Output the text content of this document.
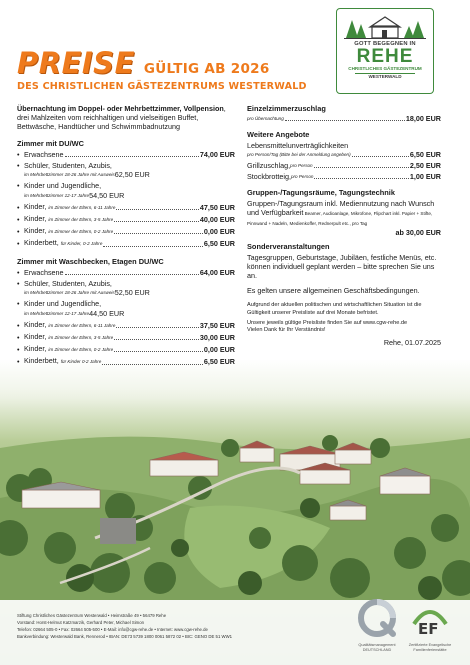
PREISE GÜLTIG AB 2026
DES CHRISTLICHEN GÄSTEZENTRUMS WESTERWALD
GOTT BEGEGNEN IN
REHE
CHRISTLICHES GÄSTEZENTRUM
WESTERWALD
Übernachtung im Doppel- oder Mehrbettzimmer, Vollpension, drei Mahlzeiten vom reichhaltigen und vielseitigen Buffet, Bettwäsche, Handtücher und Schwimmbadnutzung
Zimmer mit DU/WC
• Erwachsene	74,00 EUR
• Schüler, Studenten, Azubis,
im Mehrbettzimmer 18-26 Jahre mit Ausweis 62,50 EUR
• Kinder und Jugendliche,
im Mehrbettzimmer 12-17 Jahre 54,50 EUR
• Kinder, im Zimmer der Eltern, 6-11 Jahre	47,50 EUR
• Kinder, im Zimmer der Eltern, 3-5 Jahre	40,00 EUR
• Kinder, im Zimmer der Eltern, 0-2 Jahre	0,00 EUR
• Kinderbett, für Kinder, 0-2 Jahre	6,50 EUR
Zimmer mit Waschbecken, Etagen DU/WC
• Erwachsene	64,00 EUR
• Schüler, Studenten, Azubis,
im Mehrbettzimmer 18-26 Jahre mit Ausweis 52,50 EUR
• Kinder und Jugendliche,
im Mehrbettzimmer 12-17 Jahre 44,50 EUR
• Kinder, im Zimmer der Eltern, 6-11 Jahre	37,50 EUR
• Kinder, im Zimmer der Eltern, 3-5 Jahre	30,00 EUR
• Kinder, im Zimmer der Eltern, 0-2 Jahre	0,00 EUR
• Kinderbett, für Kinder 0-2 Jahre	6,50 EUR
Einzelzimmerzuschlag
pro Übernachtung	18,00 EUR
Weitere Angebote
Lebensmittelunverträglichkeiten
pro Person/Tag (Bitte bei der Anmeldung angeben)	6,50 EUR
Grillzuschlag, pro Person	2,50 EUR
Stockbrotteig, pro Person	1,00 EUR
Gruppen-/Tagungsräume, Tagungstechnik
Gruppen-/Tagungsraum inkl. Mediennutzung nach Wunsch und Verfügbarkeit Beamer, Audioanlage, Mikrofone, Flipchart inkl. Papier + Stifte, Pinnwand + Nadeln, Medienkoffer, Rednerpult etc., pro Tag
ab 30,00 EUR
Sonderveranstaltungen
Tagesgruppen, Geburtstage, Jubiläen, festliche Menüs, etc. können individuell geplant werden – bitte sprechen Sie uns an.
Es gelten unsere allgemeinen Geschäftsbedingungen.
Aufgrund der aktuellen politischen und wirtschaftlichen Situation ist die Gültigkeit unserer Preisliste auf drei Monate befristet.
Unsere jeweils gültige Preisliste finden Sie auf www.cgw-rehe.de
Vielen Dank für Ihr Verständnis!
Rehe, 01.07.2025
Stiftung Christliches Gästezentrum Westerwald • Heimstraße 49 • 56479 Rehe
Vorstand: Horst-Helmut Katzmarzik, Gerhard Peter, Michael Simon
Telefon: 02664 505-0 • Fax: 02664 505-500 • E-Mail: info@cgw-rehe.de • Internet: www.cgw-rehe.de
Bankverbindung: Westerwald Bank, Rennerod • IBAN: DE73 5739 1800 0061 5872 02 • BIC: GENO DE 51 WW1
Qualitätsmanagement DEUTSCHLAND
EF
Zertifizierte Evangelische Familienferienstätte
